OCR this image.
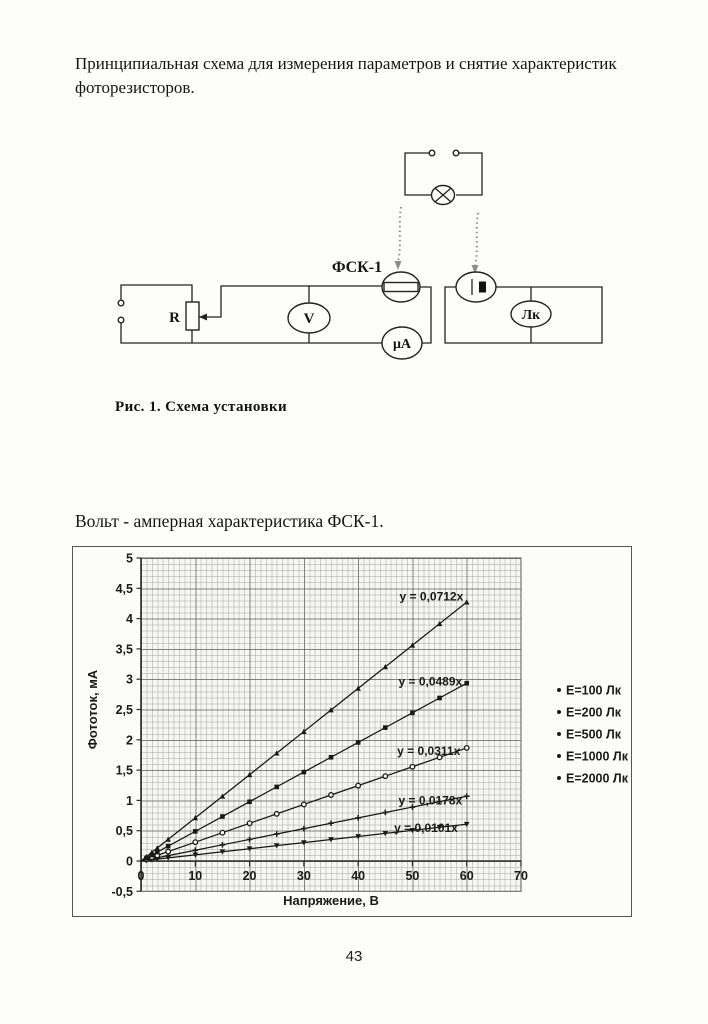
Принципиальная схема для измерения параметров и снятие характеристик фоторезисторов.

R	V
ФСК-1
μA
Лк
Рис. 1. Схема установки
Вольт - амперная характеристика ФСК-1.
0	10	20	30	40	50	60	70
5
4,5
4
3,5
3
2,5
2
1,5
1
0,5
0
-0,5
Напряжение, В
Фототок, мА
y = 0,0101x
y = 0,0178x
y = 0,0311x
y = 0,0489x
y = 0,0712x
E=100 Лк
E=200 Лк
E=500 Лк
E=1000 Лк
E=2000 Лк
43
